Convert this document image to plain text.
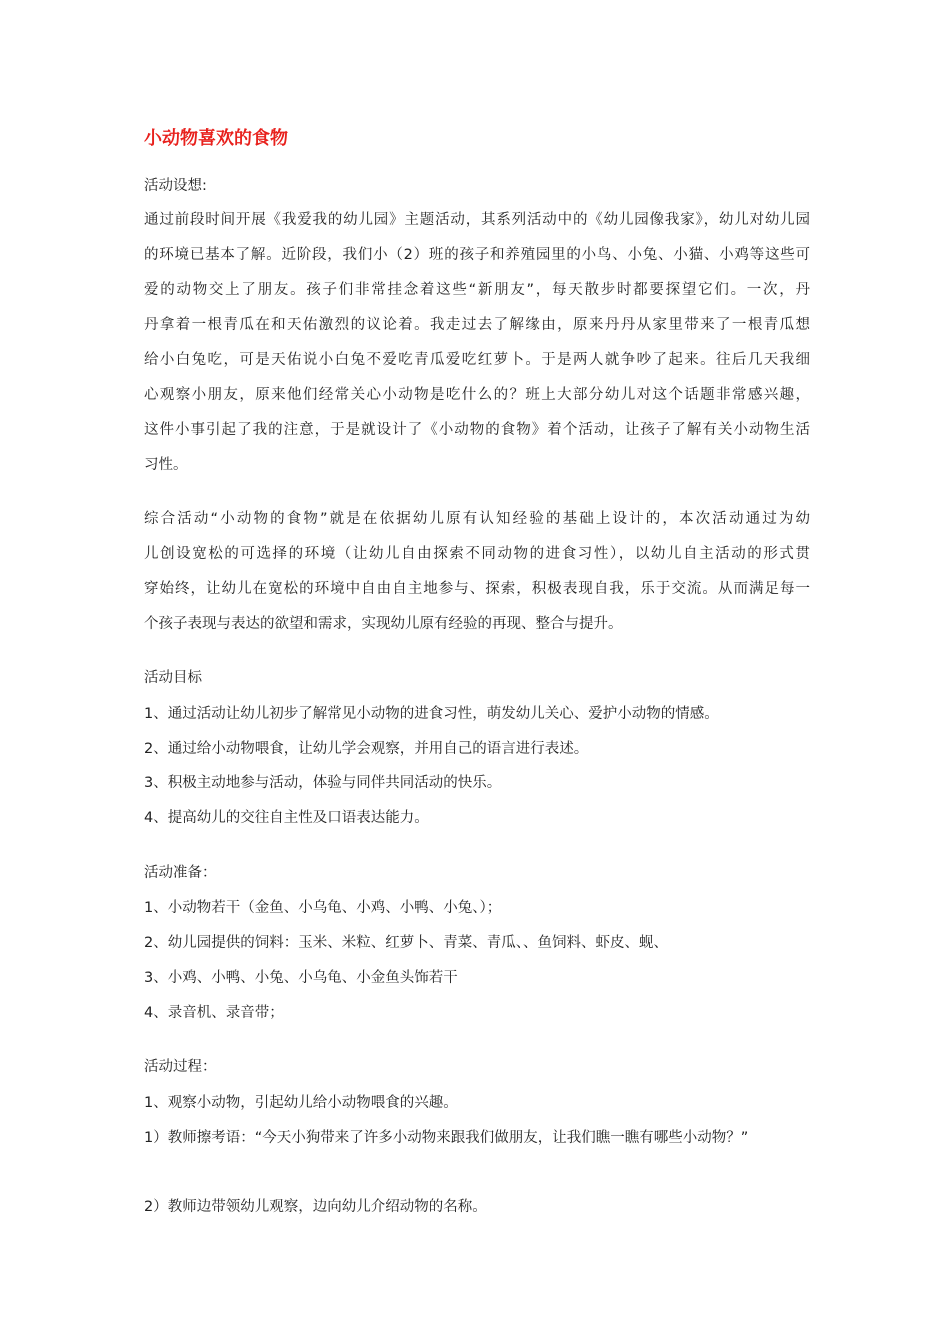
小动物喜欢的食物
活动设想:
通过前段时间开展《我爱我的幼儿园》主题活动，其系列活动中的《幼儿园像我家》，幼儿对幼儿园
的环境已基本了解。近阶段，我们小（2）班的孩子和养殖园里的小鸟、小兔、小猫、小鸡等这些可
爱的动物交上了朋友。孩子们非常挂念着这些“新朋友”，每天散步时都要探望它们。一次，丹
丹拿着一根青瓜在和天佑激烈的议论着。我走过去了解缘由，原来丹丹从家里带来了一根青瓜想
给小白兔吃，可是天佑说小白兔不爱吃青瓜爱吃红萝卜。于是两人就争吵了起来。往后几天我细
心观察小朋友，原来他们经常关心小动物是吃什么的？班上大部分幼儿对这个话题非常感兴趣，
这件小事引起了我的注意，于是就设计了《小动物的食物》着个活动，让孩子了解有关小动物生活
习性。
综合活动“小动物的食物”就是在依据幼儿原有认知经验的基础上设计的，本次活动通过为幼
儿创设宽松的可选择的环境（让幼儿自由探索不同动物的进食习性），以幼儿自主活动的形式贯
穿始终，让幼儿在宽松的环境中自由自主地参与、探索，积极表现自我，乐于交流。从而满足每一
个孩子表现与表达的欲望和需求，实现幼儿原有经验的再现、整合与提升。
活动目标
1、通过活动让幼儿初步了解常见小动物的进食习性，萌发幼儿关心、爱护小动物的情感。
2、通过给小动物喂食，让幼儿学会观察，并用自己的语言进行表述。
3、积极主动地参与活动，体验与同伴共同活动的快乐。
4、提高幼儿的交往自主性及口语表达能力。
活动准备：
1、小动物若干（金鱼、小乌龟、小鸡、小鸭、小兔、）；
2、幼儿园提供的饲料：玉米、米粒、红萝卜、青菜、青瓜、、鱼饲料、虾皮、蚬、
3、小鸡、小鸭、小兔、小乌龟、小金鱼头饰若干
4、录音机、录音带；
活动过程：
1、观察小动物，引起幼儿给小动物喂食的兴趣。
1）教师擦考语：“今天小狗带来了许多小动物来跟我们做朋友，让我们瞧一瞧有哪些小动物？”
2）教师边带领幼儿观察，边向幼儿介绍动物的名称。
